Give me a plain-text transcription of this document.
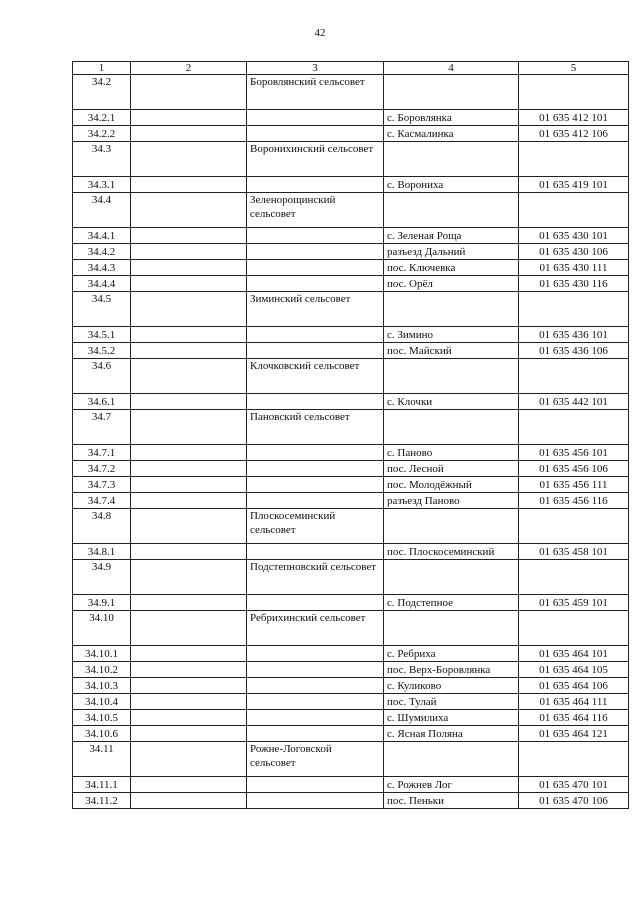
42
1	2	3	4	5
34.2		Боровлянский сельсовет		
34.2.1			с. Боровлянка	01 635 412 101
34.2.2			с. Касмалинка	01 635 412 106
34.3		Воронихинский сельсовет		
34.3.1			с. Ворониха	01 635 419 101
34.4		Зеленорощинский сельсовет		
34.4.1			с. Зеленая Роща	01 635 430 101
34.4.2			разъезд Дальний	01 635 430 106
34.4.3			пос. Ключевка	01 635 430 111
34.4.4			пос. Орёл	01 635 430 116
34.5		Зиминский сельсовет		
34.5.1			с. Зимино	01 635 436 101
34.5.2			пос. Майский	01 635 436 106
34.6		Клочковский сельсовет		
34.6.1			с. Клочки	01 635 442 101
34.7		Пановский сельсовет		
34.7.1			с. Паново	01 635 456 101
34.7.2			пос. Лесной	01 635 456 106
34.7.3			пос. Молодёжный	01 635 456 111
34.7.4			разъезд Паново	01 635 456 116
34.8		Плоскосеминский сельсовет		
34.8.1			пос. Плоскосеминский	01 635 458 101
34.9		Подстепновский сельсовет		
34.9.1			с. Подстепное	01 635 459 101
34.10		Ребрихинский сельсовет		
34.10.1			с. Ребриха	01 635 464 101
34.10.2			пос. Верх-Боровлянка	01 635 464 105
34.10.3			с. Куликово	01 635 464 106
34.10.4			пос. Тулай	01 635 464 111
34.10.5			с. Шумилиха	01 635 464 116
34.10.6			с. Ясная Поляна	01 635 464 121
34.11		Рожне-Логовской сельсовет		
34.11.1			с. Рожнев Лог	01 635 470 101
34.11.2			пос. Пеньки	01 635 470 106
